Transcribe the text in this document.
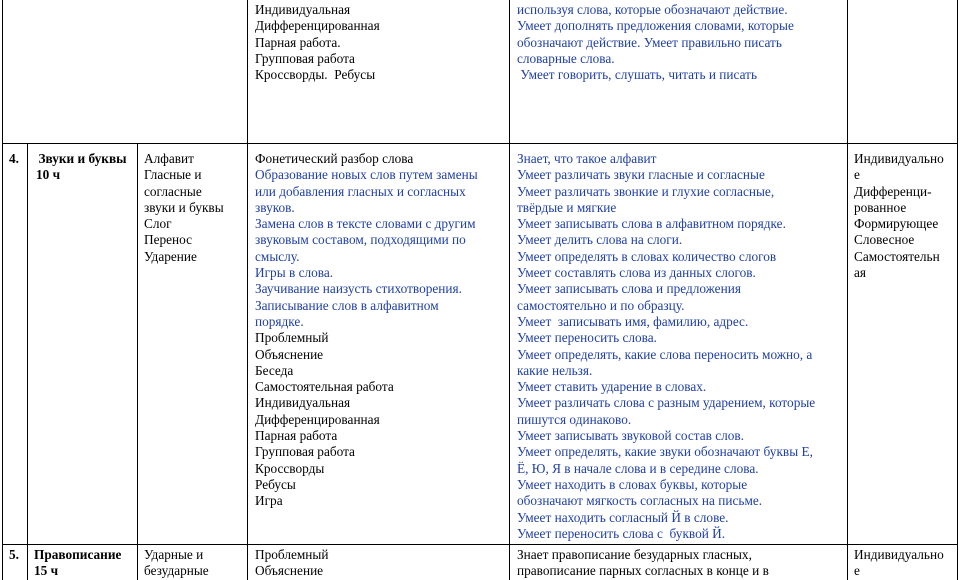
Индивидуальная
Дифференцированная
Парная работа.
Групповая работа
Кроссворды.  Ребусы
используя слова, которые обозначают действие.
Умеет дополнять предложения словами, которые
обозначают действие. Умеет правильно писать
словарные слова.
Умеет говорить, слушать, читать и писать
4.	Звуки и буквы
10 ч
Алфавит
Гласные и
согласные
звуки и буквы
Слог
Перенос
Ударение
Фонетический разбор слова
Образование новых слов путем замены
или добавления гласных и согласных
звуков.
Замена слов в тексте словами с другим
звуковым составом, подходящими по
смыслу.
Игры в слова.
Заучивание наизусть стихотворения.
Записывание слов в алфавитном
порядке.
Проблемный
Объяснение
Беседа
Самостоятельная работа
Индивидуальная
Дифференцированная
Парная работа
Групповая работа
Кроссворды
Ребусы
Игра
Знает, что такое алфавит
Умеет различать звуки гласные и согласные
Умеет различать звонкие и глухие согласные,
твёрдые и мягкие
Умеет записывать слова в алфавитном порядке.
Умеет делить слова на слоги.
Умеет определять в словах количество слогов
Умеет составлять слова из данных слогов.
Умеет записывать слова и предложения
самостоятельно и по образцу.
Умеет  записывать имя, фамилию, адрес.
Умеет переносить слова.
Умеет определять, какие слова переносить можно, а
какие нельзя.
Умеет ставить ударение в словах.
Умеет различать слова с разным ударением, которые
пишутся одинаково.
Умеет записывать звуковой состав слов.
Умеет определять, какие звуки обозначают буквы Е,
Ё, Ю, Я в начале слова и в середине слова.
Умеет находить в словах буквы, которые
обозначают мягкость согласных на письме.
Умеет находить согласный Й в слове.
Умеет переносить слова с  буквой Й.
Индивидуально
е
Дифференци-
рованное
Формирующее
Словесное
Самостоятельн
ая
5. Правописание
15 ч
Ударные и
безударные
Проблемный
Объяснение
Знает правописание безударных гласных,
правописание парных согласных в конце и в
Индивидуально
е
